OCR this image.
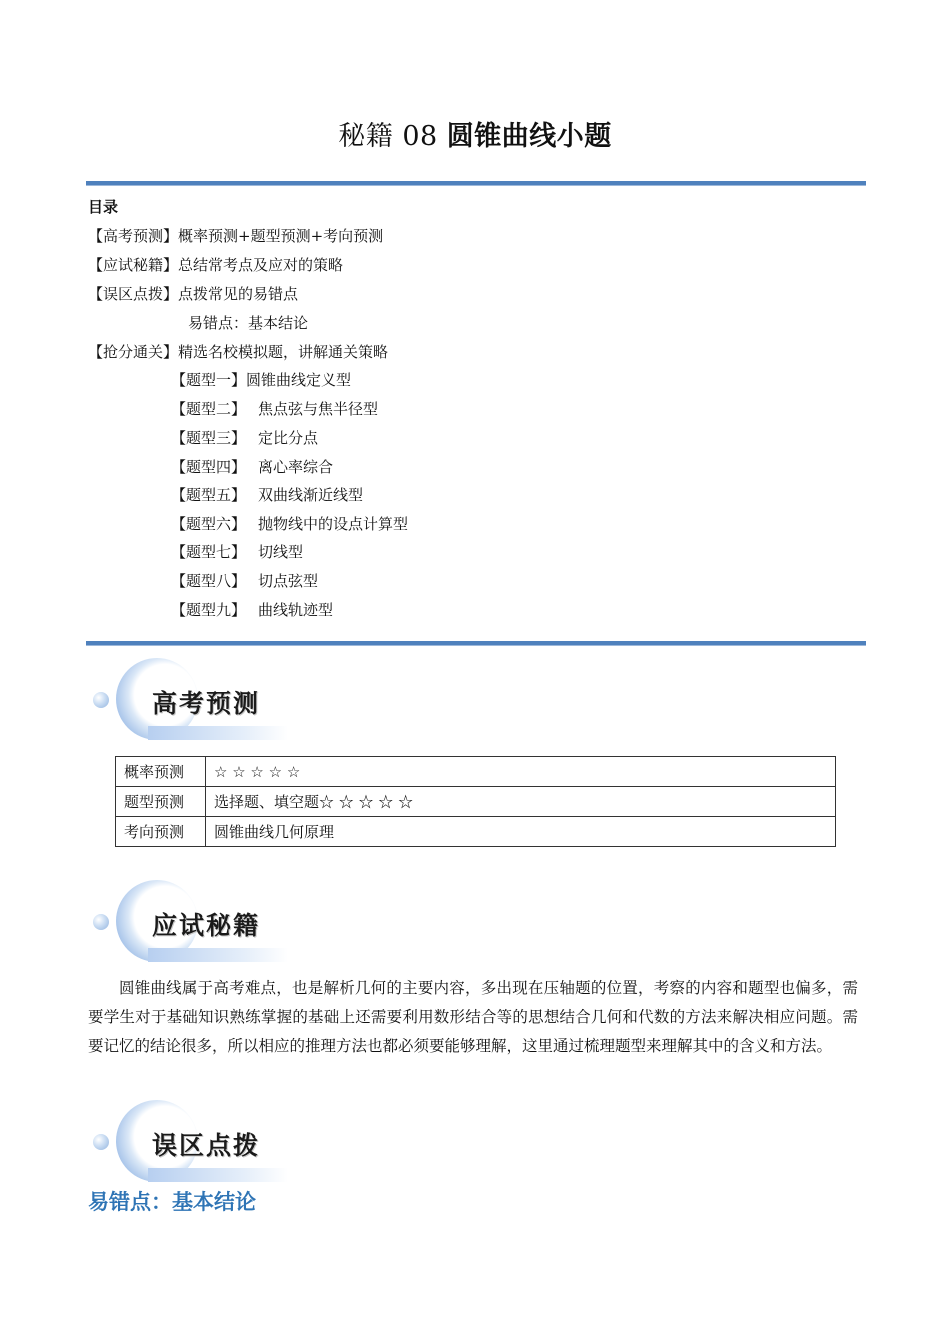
秘籍 08 圆锥曲线小题
目录
【高考预测】概率预测+题型预测+考向预测
【应试秘籍】总结常考点及应对的策略
【误区点拨】点拨常见的易错点
易错点：基本结论
【抢分通关】精选名校模拟题，讲解通关策略
【题型一】圆锥曲线定义型
【题型二】 焦点弦与焦半径型
【题型三】 定比分点
【题型四】 离心率综合
【题型五】 双曲线渐近线型
【题型六】 抛物线中的设点计算型
【题型七】 切线型
【题型八】 切点弦型
【题型九】 曲线轨迹型
高考预测
概率预测	☆ ☆ ☆ ☆ ☆
题型预测	选择题、填空题☆ ☆ ☆ ☆ ☆
考向预测	圆锥曲线几何原理
应试秘籍
圆锥曲线属于高考难点，也是解析几何的主要内容，多出现在压轴题的位置，考察的内容和题型也偏多，需要学生对于基础知识熟练掌握的基础上还需要利用数形结合等的思想结合几何和代数的方法来解决相应问题。需要记忆的结论很多，所以相应的推理方法也都必须要能够理解，这里通过梳理题型来理解其中的含义和方法。
误区点拨
易错点：基本结论
